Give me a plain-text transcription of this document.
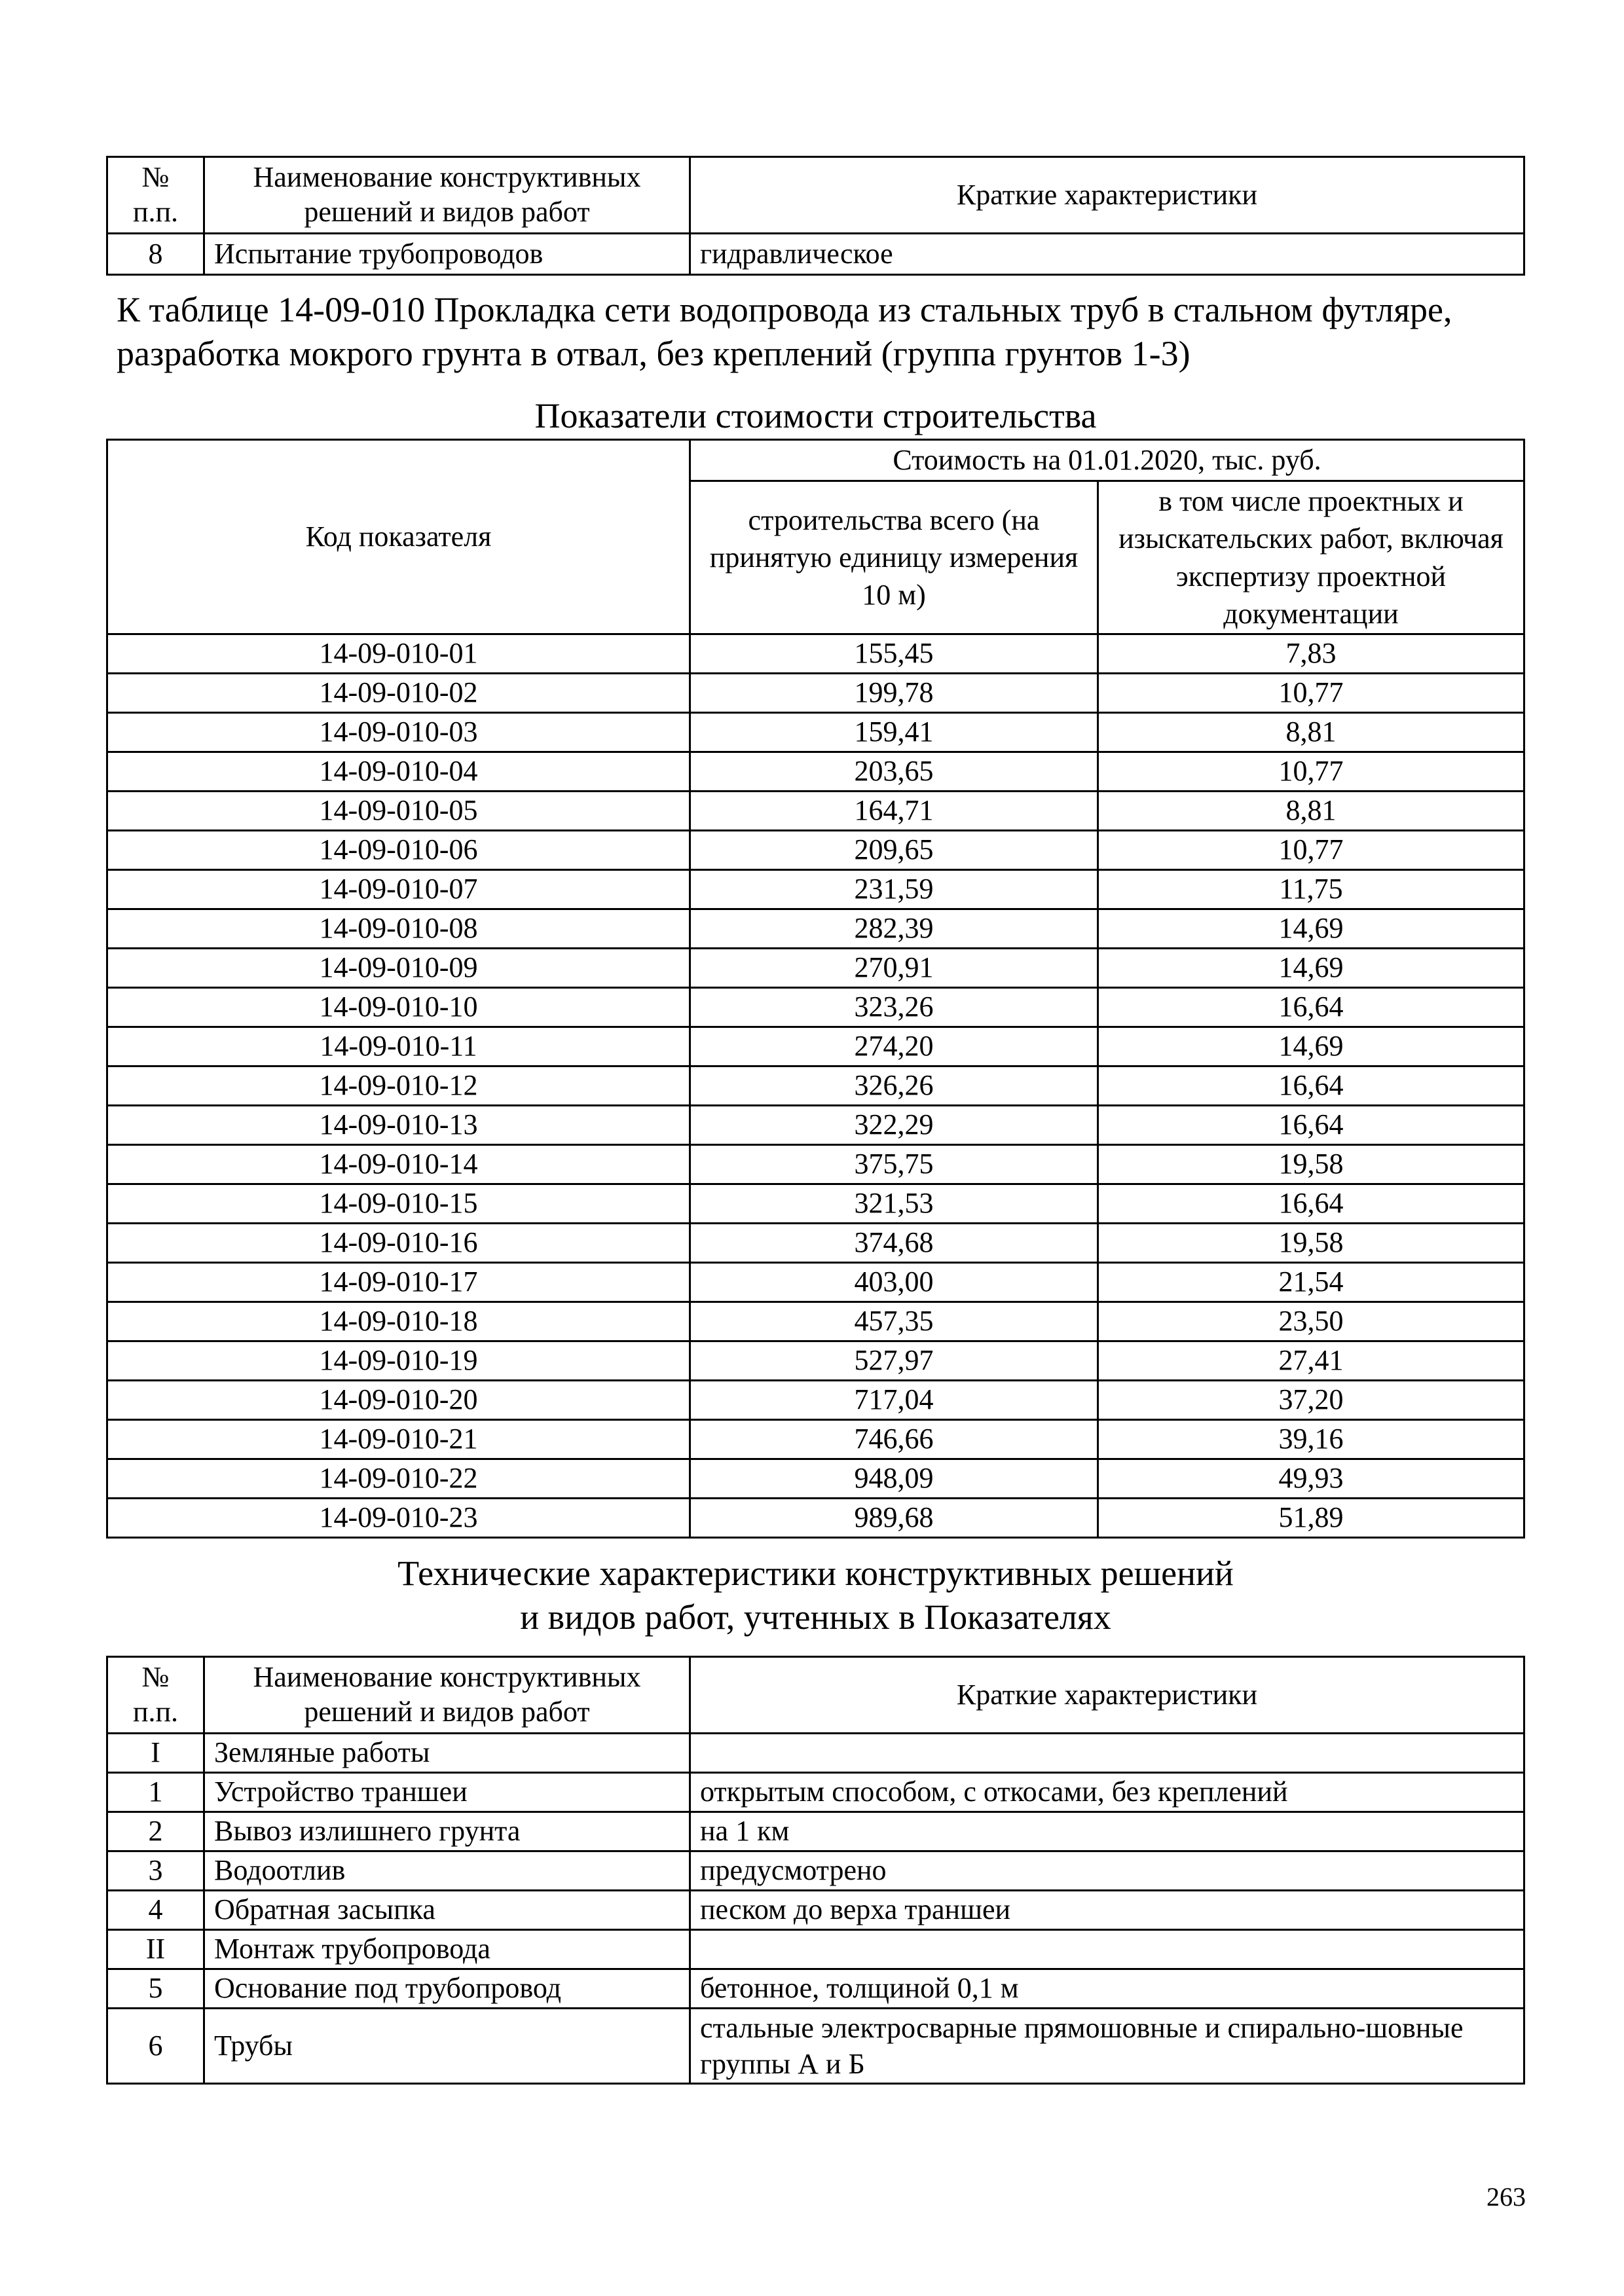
№ п.п.	Наименование конструктивных решений и видов работ	Краткие характеристики
8	Испытание трубопроводов	гидравлическое
К таблице 14-09-010 Прокладка сети водопровода из стальных труб в стальном футляре, разработка мокрого грунта в отвал, без креплений (группа грунтов 1-3)
Показатели стоимости строительства
Код показателя	Стоимость на 01.01.2020, тыс. руб.	
	строительства всего (на принятую единицу измерения 10 м)	в том числе проектных и изыскательских работ, включая экспертизу проектной документации
14-09-010-01	155,45	7,83
14-09-010-02	199,78	10,77
14-09-010-03	159,41	8,81
14-09-010-04	203,65	10,77
14-09-010-05	164,71	8,81
14-09-010-06	209,65	10,77
14-09-010-07	231,59	11,75
14-09-010-08	282,39	14,69
14-09-010-09	270,91	14,69
14-09-010-10	323,26	16,64
14-09-010-11	274,20	14,69
14-09-010-12	326,26	16,64
14-09-010-13	322,29	16,64
14-09-010-14	375,75	19,58
14-09-010-15	321,53	16,64
14-09-010-16	374,68	19,58
14-09-010-17	403,00	21,54
14-09-010-18	457,35	23,50
14-09-010-19	527,97	27,41
14-09-010-20	717,04	37,20
14-09-010-21	746,66	39,16
14-09-010-22	948,09	49,93
14-09-010-23	989,68	51,89
Технические характеристики конструктивных решений
и видов работ, учтенных в Показателях
№ п.п.	Наименование конструктивных решений и видов работ	Краткие характеристики
I	Земляные работы	
1	Устройство траншеи	открытым способом, с откосами, без креплений
2	Вывоз излишнего грунта	на 1 км
3	Водоотлив	предусмотрено
4	Обратная засыпка	песком до верха траншеи
II	Монтаж трубопровода	
5	Основание под трубопровод	бетонное, толщиной 0,1 м
6	Трубы	стальные электросварные прямошовные и спирально-шовные группы А и Б
263
